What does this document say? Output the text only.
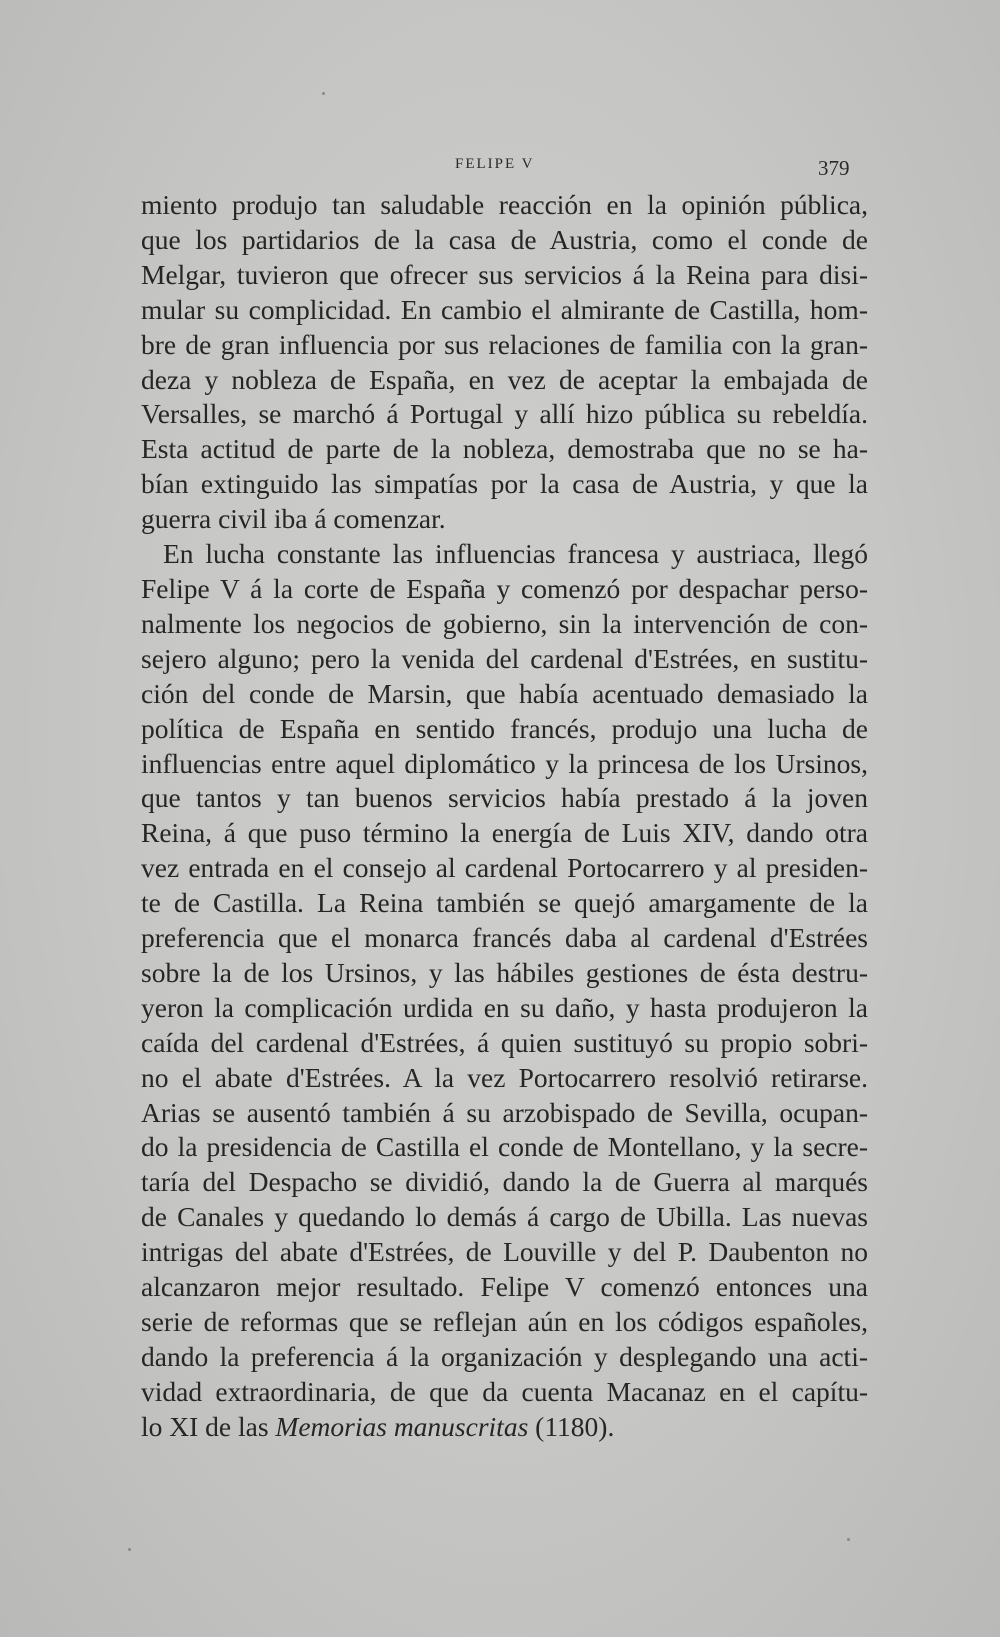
FELIPE V	379
miento produjo tan saludable reacción en la opinión pública,
que los partidarios de la casa de Austria, como el conde de
Melgar, tuvieron que ofrecer sus servicios á la Reina para disi-
mular su complicidad. En cambio el almirante de Castilla, hom-
bre de gran influencia por sus relaciones de familia con la gran-
deza y nobleza de España, en vez de aceptar la embajada de
Versalles, se marchó á Portugal y allí hizo pública su rebeldía.
Esta actitud de parte de la nobleza, demostraba que no se ha-
bían extinguido las simpatías por la casa de Austria, y que la
guerra civil iba á comenzar.
En lucha constante las influencias francesa y austriaca, llegó
Felipe V á la corte de España y comenzó por despachar perso-
nalmente los negocios de gobierno, sin la intervención de con-
sejero alguno; pero la venida del cardenal d'Estrées, en sustitu-
ción del conde de Marsin, que había acentuado demasiado la
política de España en sentido francés, produjo una lucha de
influencias entre aquel diplomático y la princesa de los Ursinos,
que tantos y tan buenos servicios había prestado á la joven
Reina, á que puso término la energía de Luis XIV, dando otra
vez entrada en el consejo al cardenal Portocarrero y al presiden-
te de Castilla. La Reina también se quejó amargamente de la
preferencia que el monarca francés daba al cardenal d'Estrées
sobre la de los Ursinos, y las hábiles gestiones de ésta destru-
yeron la complicación urdida en su daño, y hasta produjeron la
caída del cardenal d'Estrées, á quien sustituyó su propio sobri-
no el abate d'Estrées. A la vez Portocarrero resolvió retirarse.
Arias se ausentó también á su arzobispado de Sevilla, ocupan-
do la presidencia de Castilla el conde de Montellano, y la secre-
taría del Despacho se dividió, dando la de Guerra al marqués
de Canales y quedando lo demás á cargo de Ubilla. Las nuevas
intrigas del abate d'Estrées, de Louville y del P. Daubenton no
alcanzaron mejor resultado. Felipe V comenzó entonces una
serie de reformas que se reflejan aún en los códigos españoles,
dando la preferencia á la organización y desplegando una acti-
vidad extraordinaria, de que da cuenta Macanaz en el capítu-
lo XI de las Memorias manuscritas (1180).
